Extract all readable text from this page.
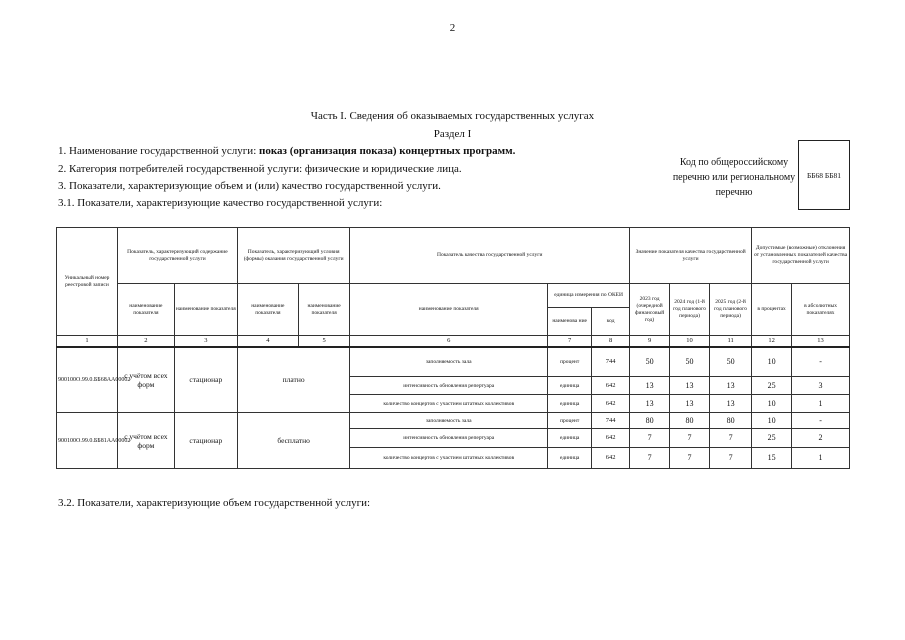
2
Часть I. Сведения об оказываемых государственных услугах
Раздел I
1. Наименование государственной услуги: показ (организация показа) концертных программ.
2. Категория потребителей государственной услуги: физические и юридические лица.
3. Показатели, характеризующие объем и (или) качество государственной услуги.
3.1. Показатели, характеризующие качество государственной услуги:
Код по общероссийскому перечню или региональному перечню
ББ68 ББ81
Уникальный номер реестровой записи	Показатель, характеризующий содержание государственной услуги		Показатель, характеризующий условия (формы) оказания государственной услуги		Показатель качества государственной услуги			Значение показателя качества государственной услуги			Допустимые (возможные) отклонения от установленных показателей качества государственной услуги	
	наименование показателя	наименование показателя	наименование показателя	наименование показателя	наименование показателя	единица измерения по ОКЕИ		2023 год (очередной финансовый год)	2024 год (1-й год планового периода)	2025 год (2-й год планового периода)	в процентах	в абсолютных показателях
						наименова ние	код					
1	2	3	4	5	6	7	8	9	10	11	12	13
900100О.99.0.ББ68АА00002	с учётом всех форм	стационар	платно		заполняемость зала	процент	744	50	50	50	10	-
					интенсивность обновления репертуара	единица	642	13	13	13	25	3
					количество концертов с участием штатных коллективов	единица	642	13	13	13	10	1
900100О.99.0.ББ81АА00002	с учётом всех форм	стационар	бесплатно		заполняемость зала	процент	744	80	80	80	10	-
					интенсивность обновления репертуара	единица	642	7	7	7	25	2
					количество концертов с участием штатных коллективов	единица	642	7	7	7	15	1
3.2. Показатели, характеризующие объем государственной услуги:
